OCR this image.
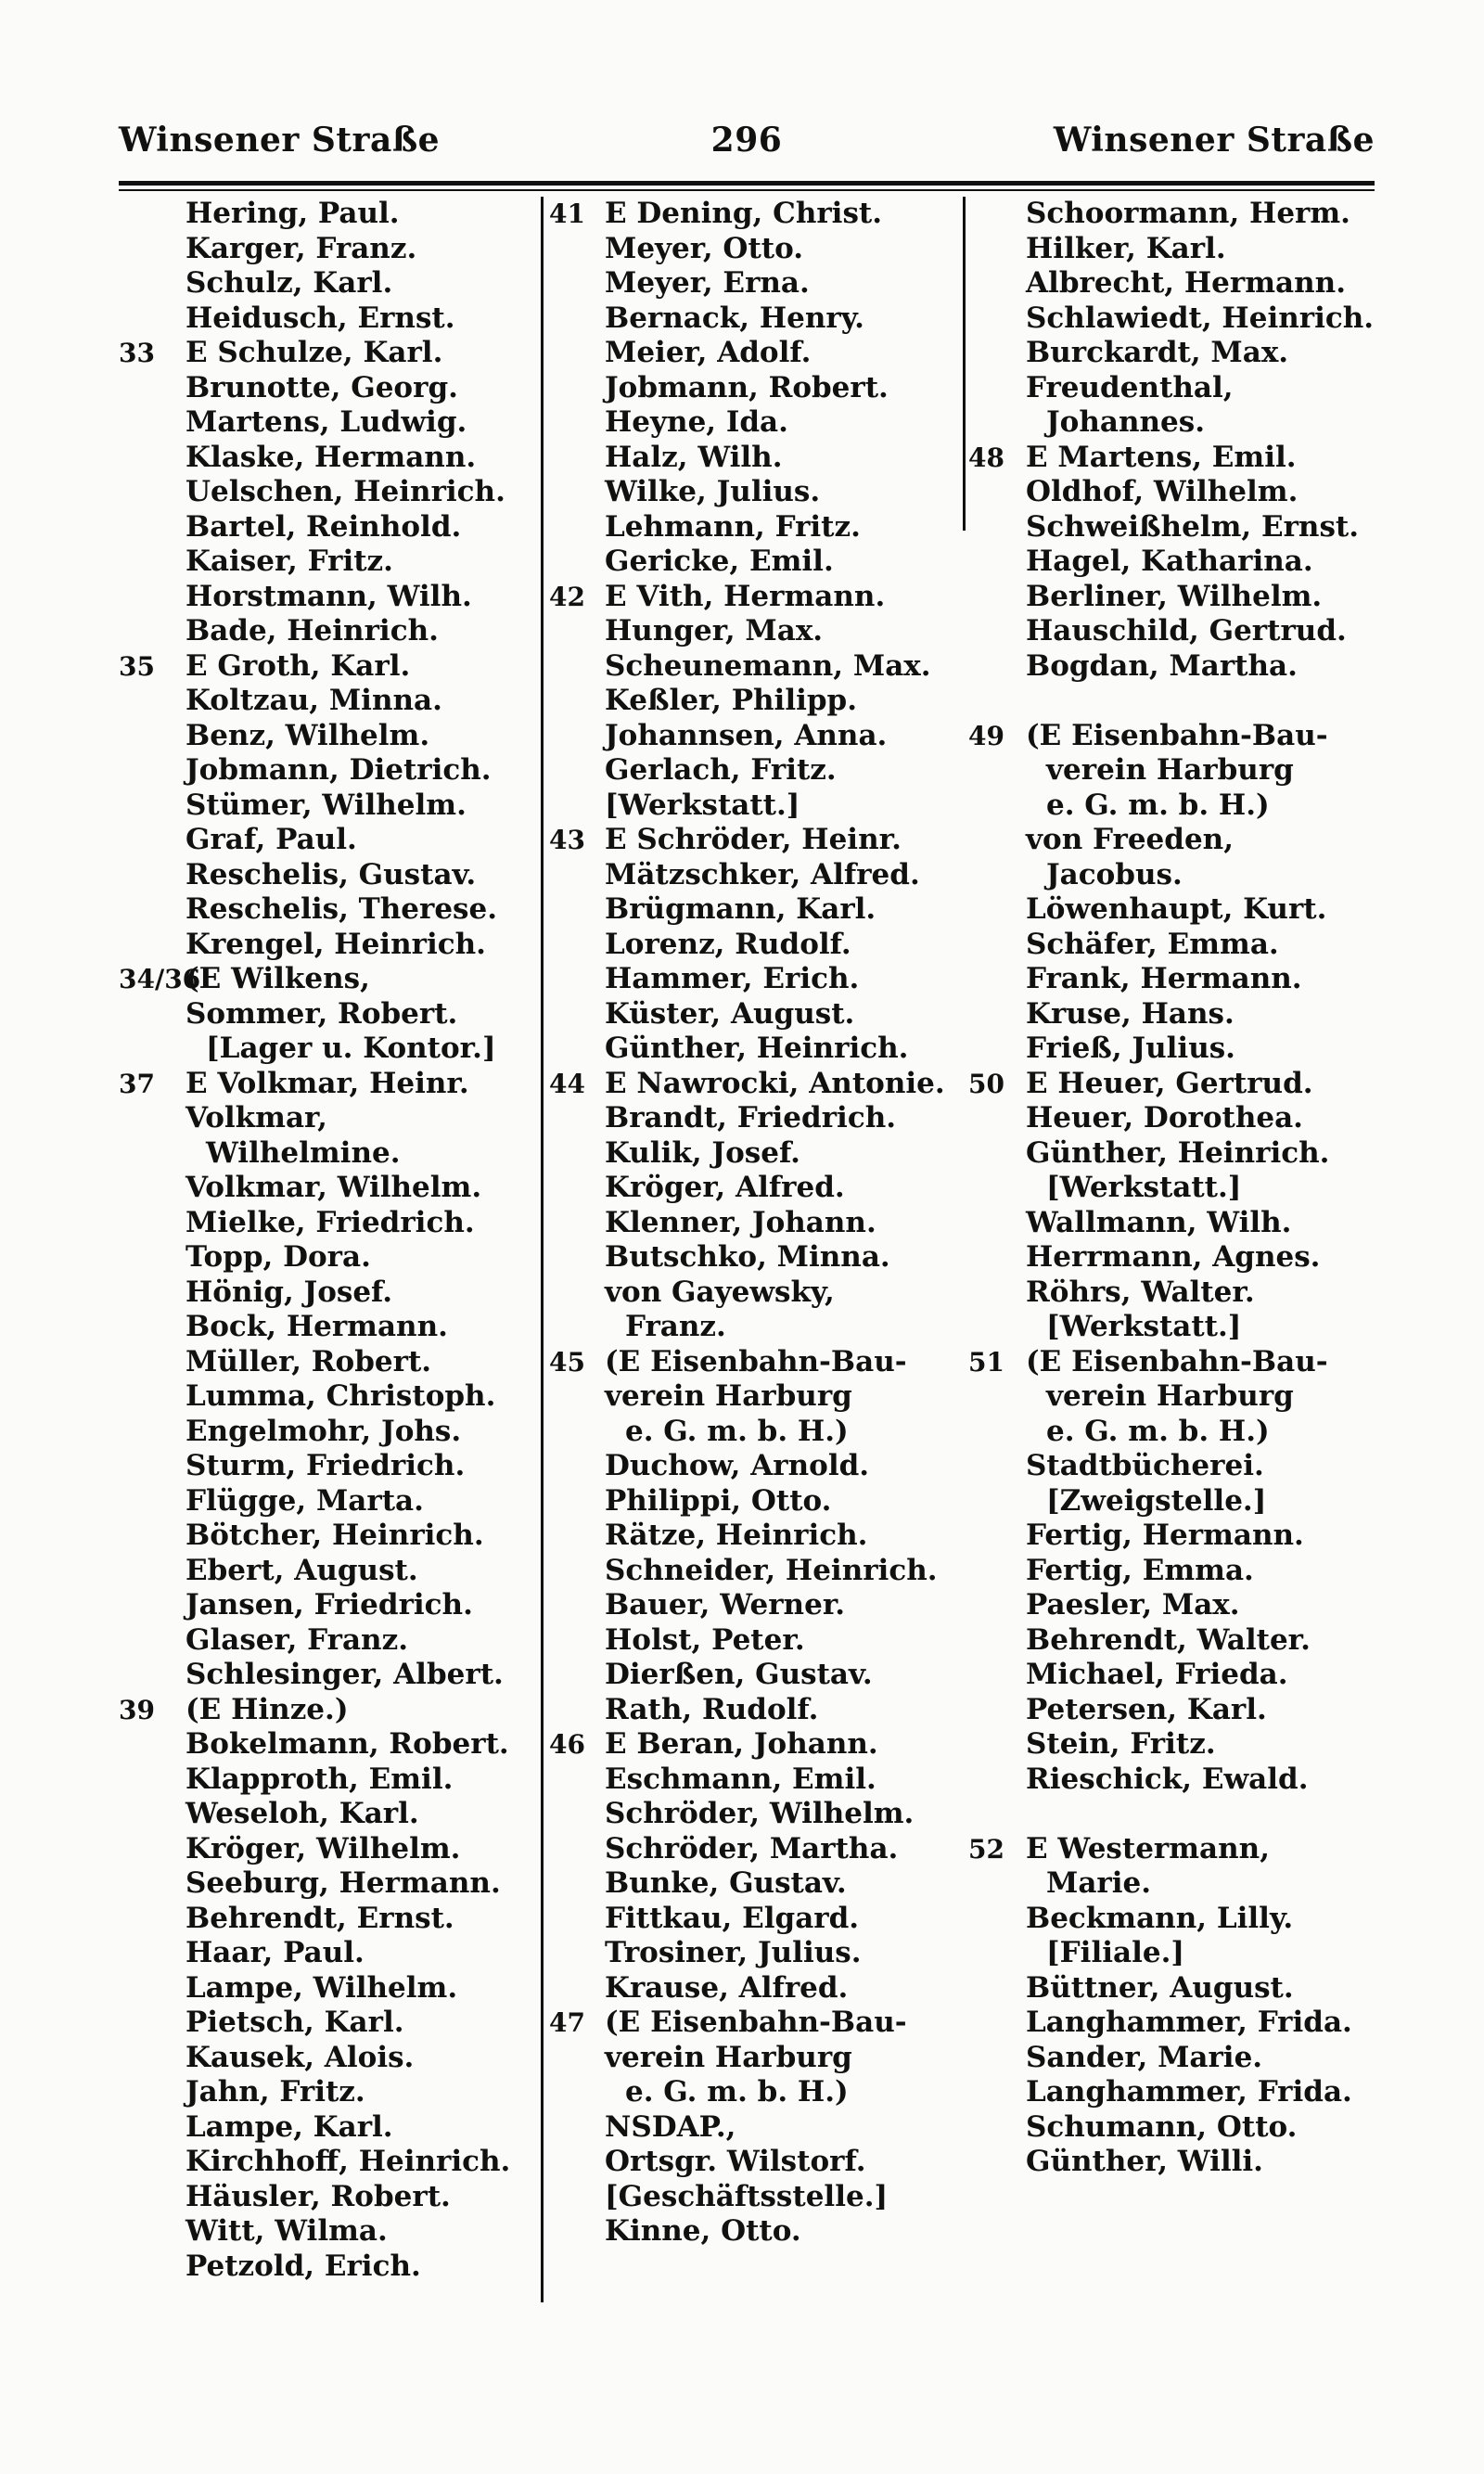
Winsener Straße	296	Winsener Straße
Hering, Paul.
Karger, Franz.
Schulz, Karl.
Heidusch, Ernst.
33 E Schulze, Karl.
Brunotte, Georg.
Martens, Ludwig.
Klaske, Hermann.
Uelschen, Heinrich.
Bartel, Reinhold.
Kaiser, Fritz.
Horstmann, Wilh.
Bade, Heinrich.
35 E Groth, Karl.
Koltzau, Minna.
Benz, Wilhelm.
Jobmann, Dietrich.
Stümer, Wilhelm.
Graf, Paul.
Reschelis, Gustav.
Reschelis, Therese.
Krengel, Heinrich.
34/36
(E Wilkens,
Sommer, Robert.
[Lager u. Kontor.]
37 E Volkmar, Heinr.
Volkmar,
Wilhelmine.
Volkmar, Wilhelm.
Mielke, Friedrich.
Topp, Dora.
Hönig, Josef.
Bock, Hermann.
Müller, Robert.
Lumma, Christoph.
Engelmohr, Johs.
Sturm, Friedrich.
Flügge, Marta.
Bötcher, Heinrich.
Ebert, August.
Jansen, Friedrich.
Glaser, Franz.
Schlesinger, Albert.
39 (E Hinze.)
Bokelmann, Robert.
Klapproth, Emil.
Weseloh, Karl.
Kröger, Wilhelm.
Seeburg, Hermann.
Behrendt, Ernst.
Haar, Paul.
Lampe, Wilhelm.
Pietsch, Karl.
Kausek, Alois.
Jahn, Fritz.
Lampe, Karl.
Kirchhoff, Heinrich.
Häusler, Robert.
Witt, Wilma.
Petzold, Erich.
41 E Dening, Christ.
Meyer, Otto.
Meyer, Erna.
Bernack, Henry.
Meier, Adolf.
Jobmann, Robert.
Heyne, Ida.
Halz, Wilh.
Wilke, Julius.
Lehmann, Fritz.
Gericke, Emil.
42 E Vith, Hermann.
Hunger, Max.
Scheunemann, Max.
Keßler, Philipp.
Johannsen, Anna.
Gerlach, Fritz.
[Werkstatt.]
43 E Schröder, Heinr.
Mätzschker, Alfred.
Brügmann, Karl.
Lorenz, Rudolf.
Hammer, Erich.
Küster, August.
Günther, Heinrich.
44 E Nawrocki, Antonie.
Brandt, Friedrich.
Kulik, Josef.
Kröger, Alfred.
Klenner, Johann.
Butschko, Minna.
von Gayewsky,
Franz.
45 (E Eisenbahn-Bau-
verein Harburg
e. G. m. b. H.)
Duchow, Arnold.
Philippi, Otto.
Rätze, Heinrich.
Schneider, Heinrich.
Bauer, Werner.
Holst, Peter.
Dierßen, Gustav.
Rath, Rudolf.
46 E Beran, Johann.
Eschmann, Emil.
Schröder, Wilhelm.
Schröder, Martha.
Bunke, Gustav.
Fittkau, Elgard.
Trosiner, Julius.
Krause, Alfred.
47 (E Eisenbahn-Bau-
verein Harburg
e. G. m. b. H.)
NSDAP.,
Ortsgr. Wilstorf.
[Geschäftsstelle.]
Kinne, Otto.
Schoormann, Herm.
Hilker, Karl.
Albrecht, Hermann.
Schlawiedt, Heinrich.
Burckardt, Max.
Freudenthal,
Johannes.
48 E Martens, Emil.
Oldhof, Wilhelm.
Schweißhelm, Ernst.
Hagel, Katharina.
Berliner, Wilhelm.
Hauschild, Gertrud.
Bogdan, Martha.
49 (E Eisenbahn-Bau-
verein Harburg
e. G. m. b. H.)
von Freeden,
Jacobus.
Löwenhaupt, Kurt.
Schäfer, Emma.
Frank, Hermann.
Kruse, Hans.
Frieß, Julius.
50 E Heuer, Gertrud.
Heuer, Dorothea.
Günther, Heinrich.
[Werkstatt.]
Wallmann, Wilh.
Herrmann, Agnes.
Röhrs, Walter.
[Werkstatt.]
51 (E Eisenbahn-Bau-
verein Harburg
e. G. m. b. H.)
Stadtbücherei.
[Zweigstelle.]
Fertig, Hermann.
Fertig, Emma.
Paesler, Max.
Behrendt, Walter.
Michael, Frieda.
Petersen, Karl.
Stein, Fritz.
Rieschick, Ewald.
52 E Westermann,
Marie.
Beckmann, Lilly.
[Filiale.]
Büttner, August.
Langhammer, Frida.
Sander, Marie.
Langhammer, Frida.
Schumann, Otto.
Günther, Willi.
